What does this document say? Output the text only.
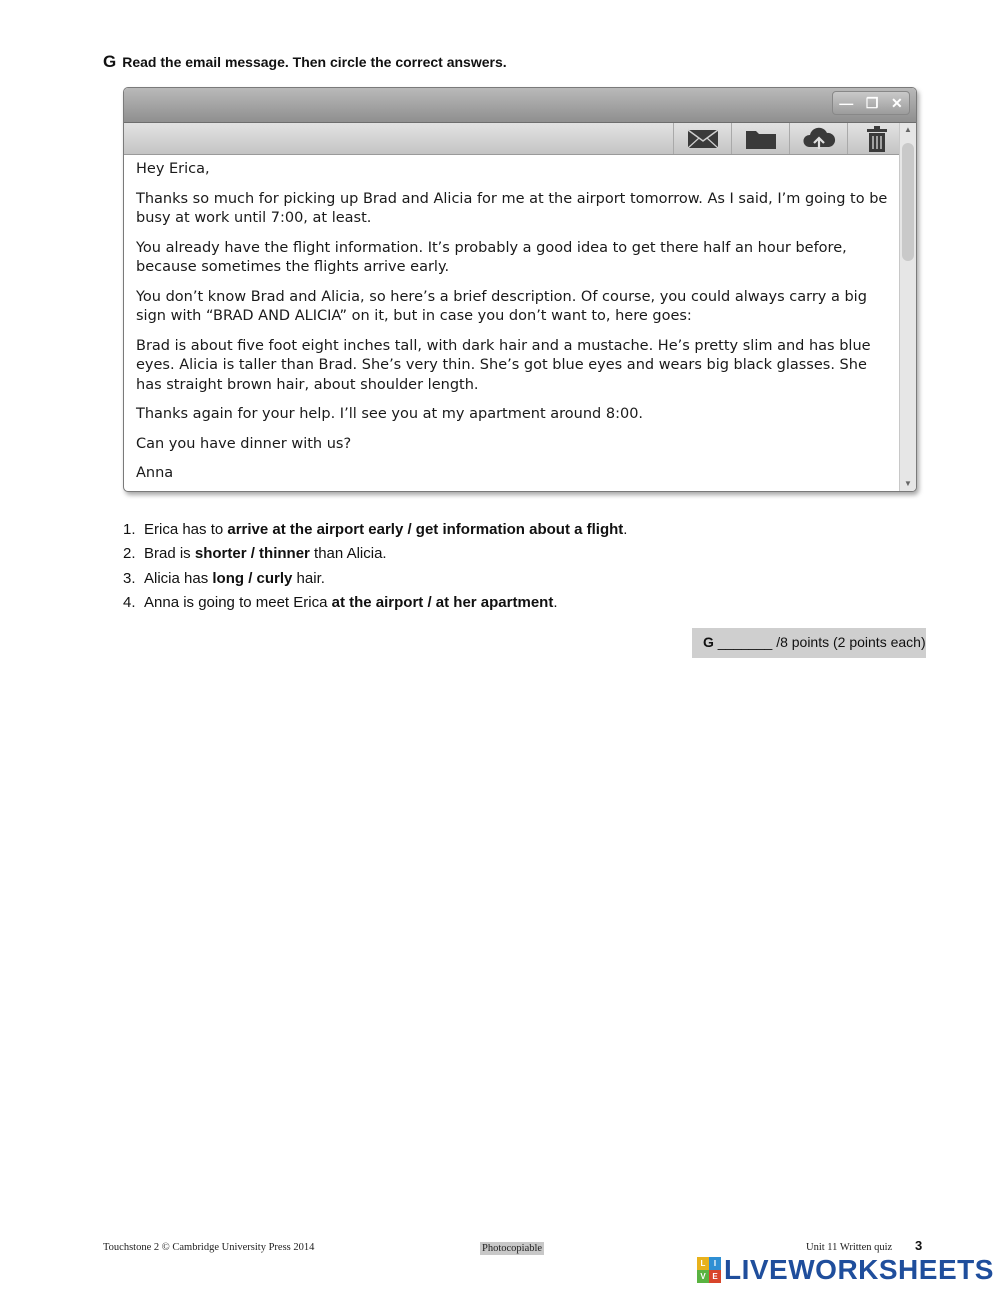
G Read the email message. Then circle the correct answers.
— ❐ ✕
▲
▼

Hey Erica,

Thanks so much for picking up Brad and Alicia for me at the airport tomorrow. As I said, I’m going to be busy at work until 7:00, at least.

You already have the flight information. It’s probably a good idea to get there half an hour before, because sometimes the flights arrive early.

You don’t know Brad and Alicia, so here’s a brief description. Of course, you could always carry a big sign with “BRAD AND ALICIA” on it, but in case you don’t want to, here goes:

Brad is about five foot eight inches tall, with dark hair and a mustache. He’s pretty slim and has blue eyes. Alicia is taller than Brad. She’s very thin. She’s got blue eyes and wears big black glasses. She has straight brown hair, about shoulder length.

Thanks again for your help. I’ll see you at my apartment around 8:00.

Can you have dinner with us?

Anna

1. Erica has to arrive at the airport early / get information about a flight.
2. Brad is shorter / thinner than Alicia.
3. Alicia has long / curly hair.
4. Anna is going to meet Erica at the airport / at her apartment.
G _______ /8 points (2 points each)
Touchstone 2 © Cambridge University Press 2014	Photocopiable	Unit 11 Written quiz 3
L	I
V E LIVEWORKSHEETS
